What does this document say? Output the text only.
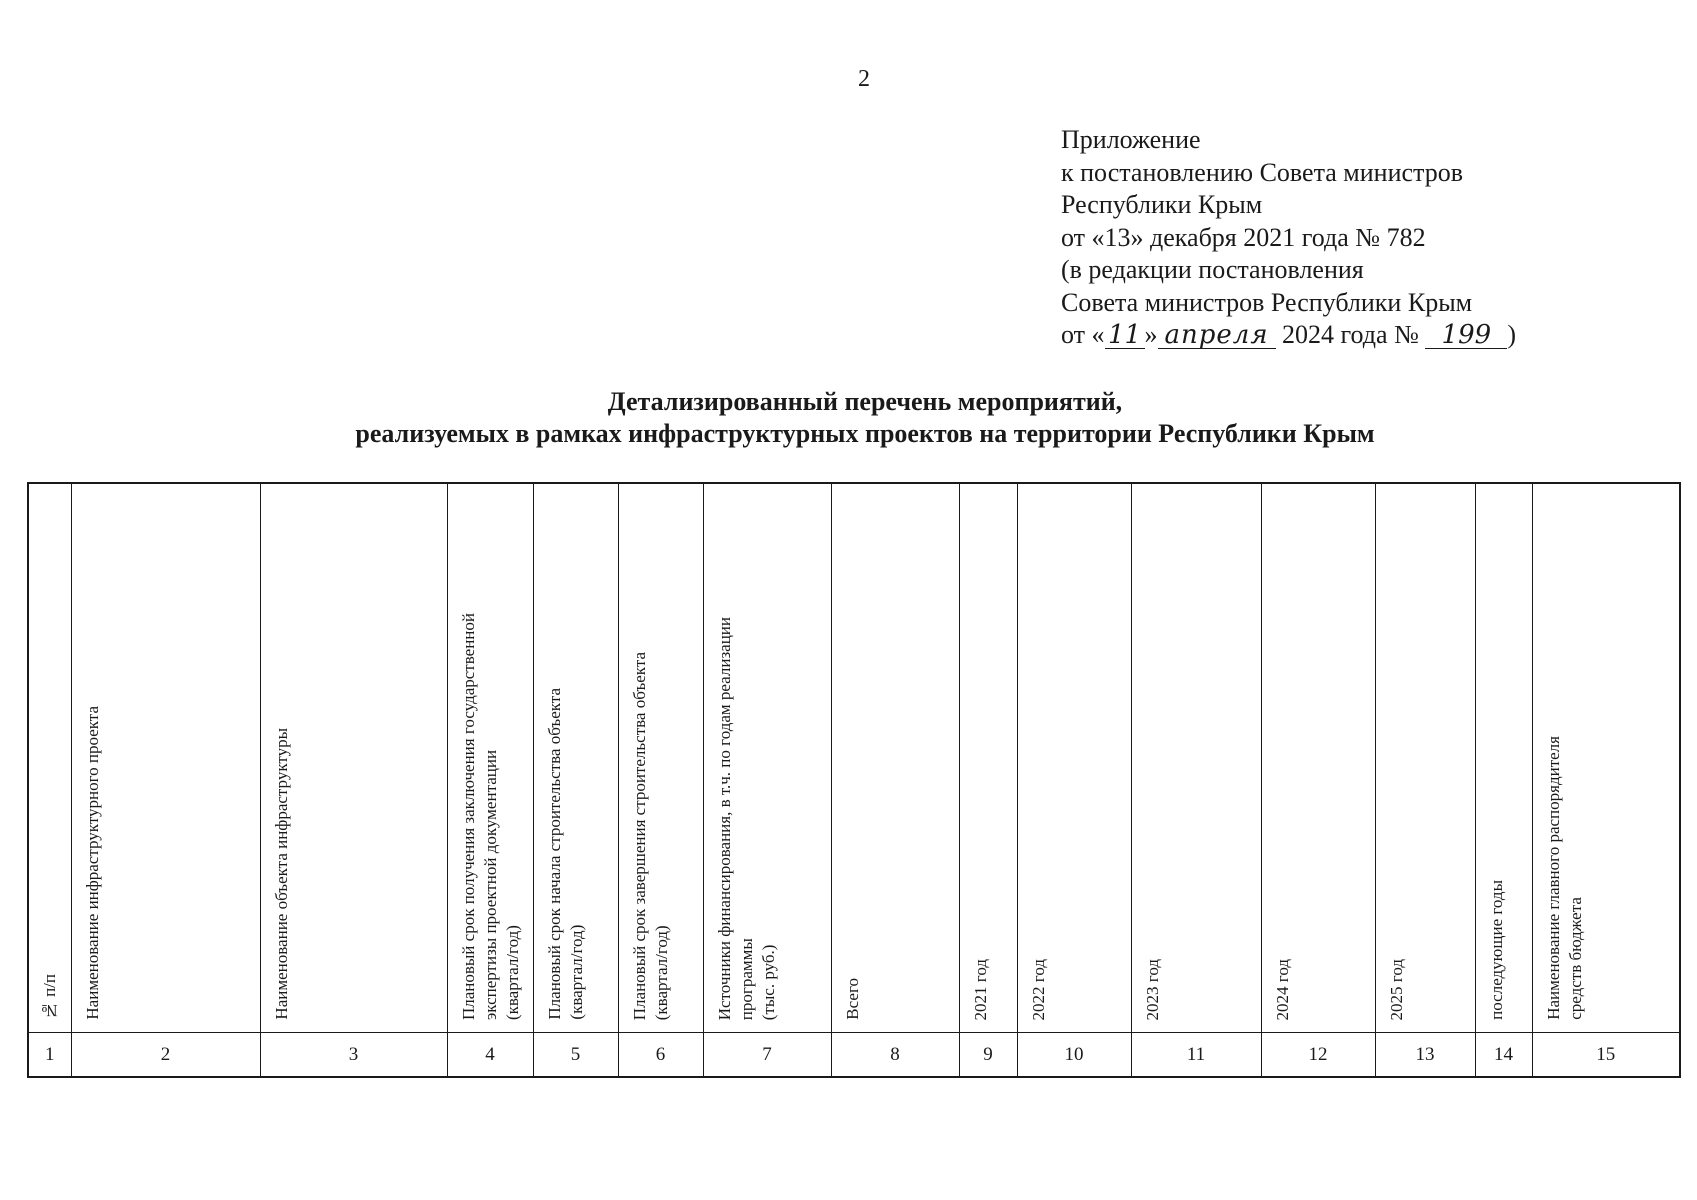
2
Приложение
к постановлению Совета министров
Республики Крым
от «13» декабря 2021 года № 782
(в редакции постановления
Совета министров Республики Крым
от « 11 » апреля 2024 года № 199 )
Детализированный перечень мероприятий,
реализуемых в рамках инфраструктурных проектов на территории Республики Крым
№ п/п	Наименование инфраструктурного проекта	Наименование объекта инфраструктуры	Плановый срок получения заключения государственной
экспертизы проектной документации
(квартал/год)	Плановый срок начала строительства объекта
(квартал/год)	Плановый срок завершения строительства объекта
(квартал/год)	Источники финансирования, в т.ч. по годам реализации
программы
(тыс. руб.)	Всего	2021 год	2022 год	2023 год	2024 год	2025 год	последующие годы	Наименование главного распорядителя
средств бюджета

1	2	3	4	5	6	7	8	9	10	11	12	13	14	15
